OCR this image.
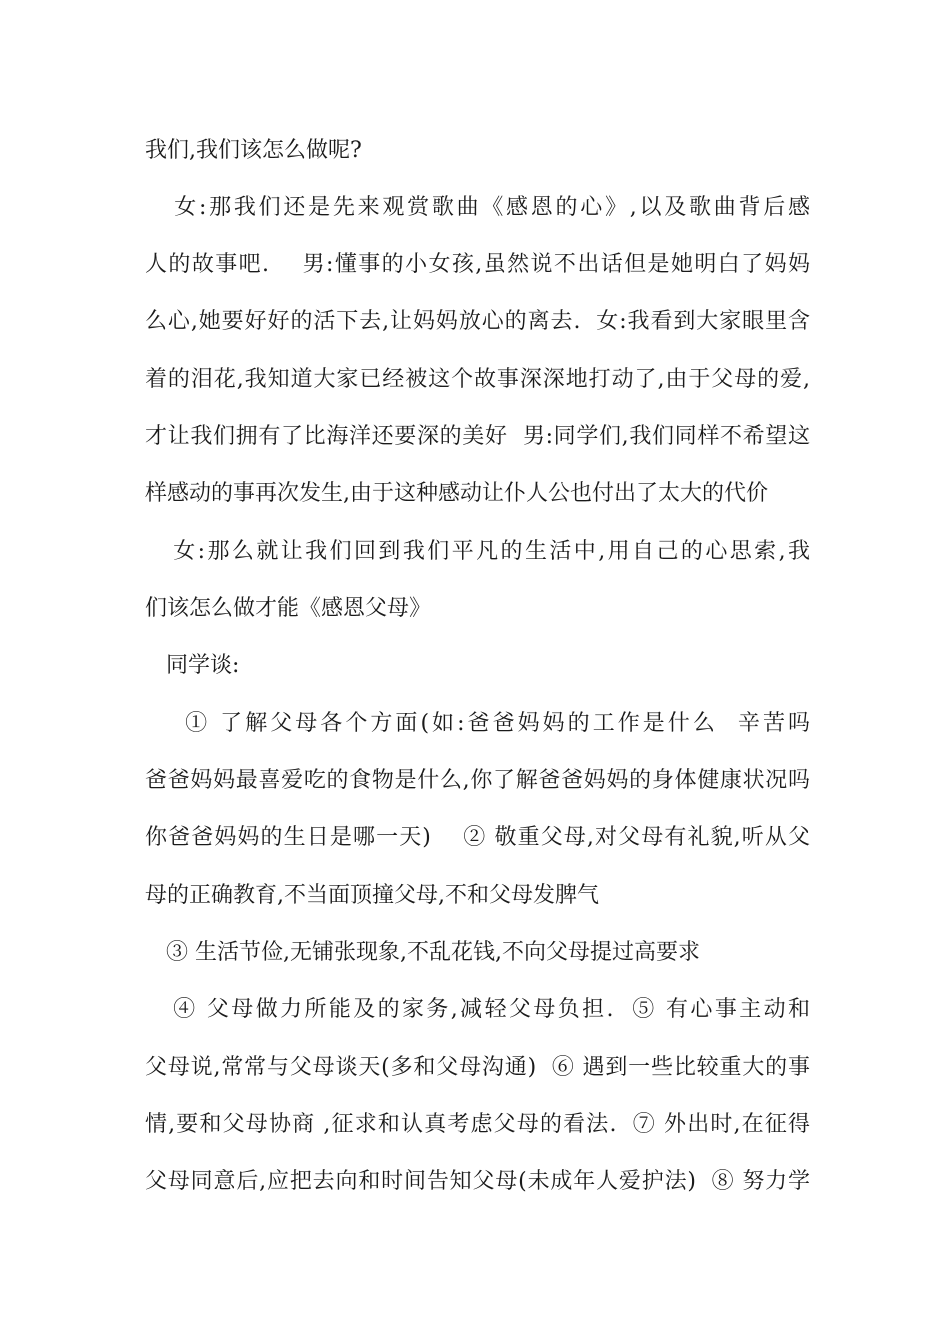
我们,我们该怎么做呢?
女:那我们还是先来观赏歌曲《感恩的心》,以及歌曲背后感
人的故事吧.    男:懂事的小女孩,虽然说不出话但是她明白了妈妈
么心,她要好好的活下去,让妈妈放心的离去.  女:我看到大家眼里含
着的泪花,我知道大家已经被这个故事深深地打动了,由于父母的爱,
才让我们拥有了比海洋还要深的美好  男:同学们,我们同样不希望这
样感动的事再次发生,由于这种感动让仆人公也付出了太大的代价
女:那么就让我们回到我们平凡的生活中,用自己的心思索,我
们该怎么做才能《感恩父母》
同学谈:
① 了解父母各个方面(如:爸爸妈妈的工作是什么  辛苦吗
爸爸妈妈最喜爱吃的食物是什么,你了解爸爸妈妈的身体健康状况吗
你爸爸妈妈的生日是哪一天)    ② 敬重父母,对父母有礼貌,听从父
母的正确教育,不当面顶撞父母,不和父母发脾气
③ 生活节俭,无铺张现象,不乱花钱,不向父母提过高要求
④ 父母做力所能及的家务,减轻父母负担.  ⑤ 有心事主动和
父母说,常常与父母谈天(多和父母沟通)  ⑥ 遇到一些比较重大的事
情,要和父母协商 ,征求和认真考虑父母的看法.  ⑦ 外出时,在征得
父母同意后,应把去向和时间告知父母(未成年人爱护法)  ⑧ 努力学
